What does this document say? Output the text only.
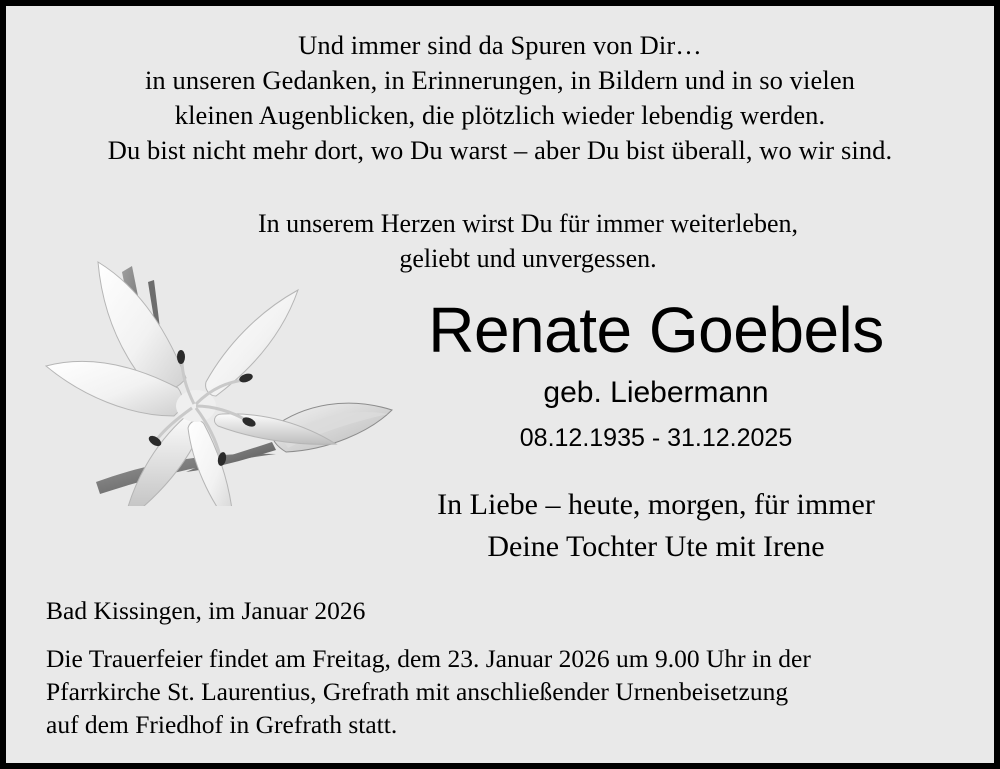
Und immer sind da Spuren von Dir…
in unseren Gedanken, in Erinnerungen, in Bildern und in so vielen
kleinen Augenblicken, die plötzlich wieder lebendig werden.
Du bist nicht mehr dort, wo Du warst – aber Du bist überall, wo wir sind.
In unserem Herzen wirst Du für immer weiterleben,
geliebt und unvergessen.
Renate Goebels
geb. Liebermann
08.12.1935 - 31.12.2025
In Liebe – heute, morgen, für immer
Deine Tochter Ute mit Irene
Bad Kissingen, im Januar 2026
Die Trauerfeier findet am Freitag, dem 23. Januar 2026 um 9.00 Uhr in der
Pfarrkirche St. Laurentius, Grefrath mit anschließender Urnenbeisetzung
auf dem Friedhof in Grefrath statt.
